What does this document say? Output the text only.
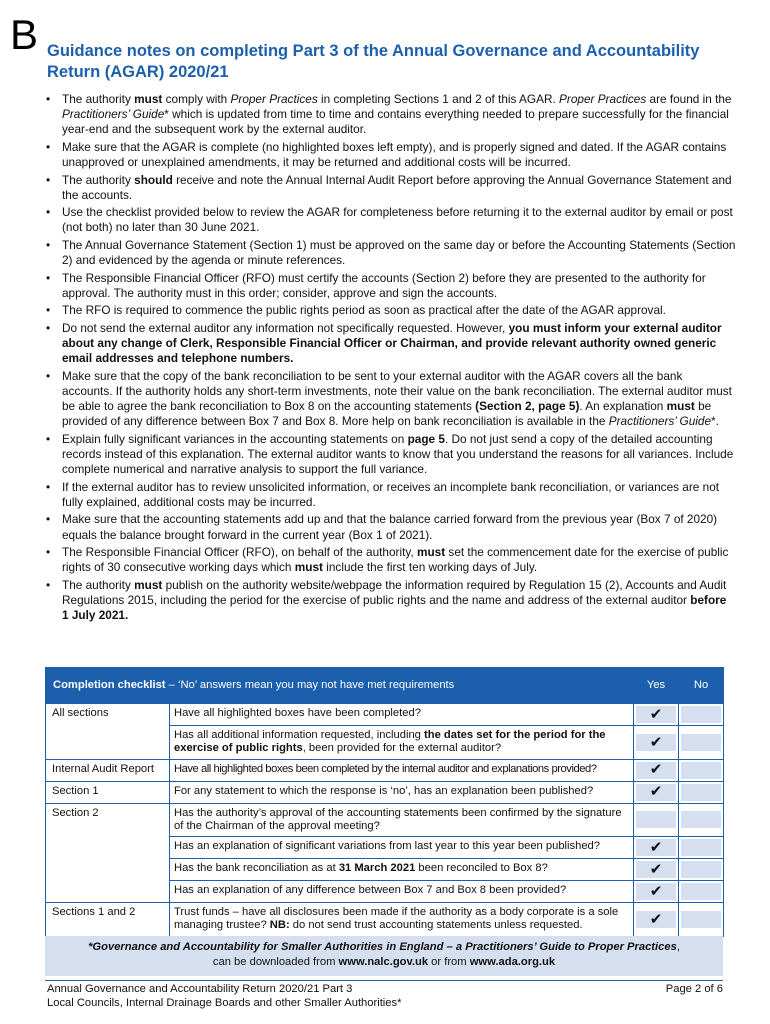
B Guidance notes on completing Part 3 of the Annual Governance and Accountability Return (AGAR) 2020/21
• The authority must comply with Proper Practices in completing Sections 1 and 2 of this AGAR. Proper Practices are found in the Practitioners’ Guide* which is updated from time to time and contains everything needed to prepare successfully for the financial year-end and the subsequent work by the external auditor.
• Make sure that the AGAR is complete (no highlighted boxes left empty), and is properly signed and dated. If the AGAR contains unapproved or unexplained amendments, it may be returned and additional costs will be incurred.
• The authority should receive and note the Annual Internal Audit Report before approving the Annual Governance Statement and the accounts.
• Use the checklist provided below to review the AGAR for completeness before returning it to the external auditor by email or post (not both) no later than 30 June 2021.
• The Annual Governance Statement (Section 1) must be approved on the same day or before the Accounting Statements (Section 2) and evidenced by the agenda or minute references.
• The Responsible Financial Officer (RFO) must certify the accounts (Section 2) before they are presented to the authority for approval. The authority must in this order; consider, approve and sign the accounts.
• The RFO is required to commence the public rights period as soon as practical after the date of the AGAR approval.
• Do not send the external auditor any information not specifically requested. However, you must inform your external auditor about any change of Clerk, Responsible Financial Officer or Chairman, and provide relevant authority owned generic email addresses and telephone numbers.
• Make sure that the copy of the bank reconciliation to be sent to your external auditor with the AGAR covers all the bank accounts. If the authority holds any short-term investments, note their value on the bank reconciliation. The external auditor must be able to agree the bank reconciliation to Box 8 on the accounting statements (Section 2, page 5). An explanation must be provided of any difference between Box 7 and Box 8. More help on bank reconciliation is available in the Practitioners’ Guide*.
• Explain fully significant variances in the accounting statements on page 5. Do not just send a copy of the detailed accounting records instead of this explanation. The external auditor wants to know that you understand the reasons for all variances. Include complete numerical and narrative analysis to support the full variance.
• If the external auditor has to review unsolicited information, or receives an incomplete bank reconciliation, or variances are not fully explained, additional costs may be incurred.
• Make sure that the accounting statements add up and that the balance carried forward from the previous year (Box 7 of 2020) equals the balance brought forward in the current year (Box 1 of 2021).
• The Responsible Financial Officer (RFO), on behalf of the authority, must set the commencement date for the exercise of public rights of 30 consecutive working days which must include the first ten working days of July.
• The authority must publish on the authority website/webpage the information required by Regulation 15 (2), Accounts and Audit Regulations 2015, including the period for the exercise of public rights and the name and address of the external auditor before 1 July 2021.
Completion checklist – ‘No’ answers mean you may not have met requirements		Yes	No
All sections	Have all highlighted boxes have been completed?	✔	

	Has all additional information requested, including the dates set for the period for the exercise of public rights, been provided for the external auditor?	✔	

Internal Audit Report	Have all highlighted boxes been completed by the internal auditor and explanations provided?	✔	

Section 1	For any statement to which the response is ‘no’, has an explanation been published?	✔	

Section 2	Has the authority’s approval of the accounting statements been confirmed by the signature of the Chairman of the approval meeting?	

	Has an explanation of significant variations from last year to this year been published?	✔	

	Has the bank reconciliation as at 31 March 2021 been reconciled to Box 8?	✔	

	Has an explanation of any difference between Box 7 and Box 8 been provided?	✔	

Sections 1 and 2	Trust funds – have all disclosures been made if the authority as a body corporate is a sole managing trustee? NB: do not send trust accounting statements unless requested.	✔	

*Governance and Accountability for Smaller Authorities in England – a Practitioners’ Guide to Proper Practices,
can be downloaded from www.nalc.gov.uk or from www.ada.org.uk
Annual Governance and Accountability Return 2020/21 Part 3
Local Councils, Internal Drainage Boards and other Smaller Authorities*
Page 2 of 6
